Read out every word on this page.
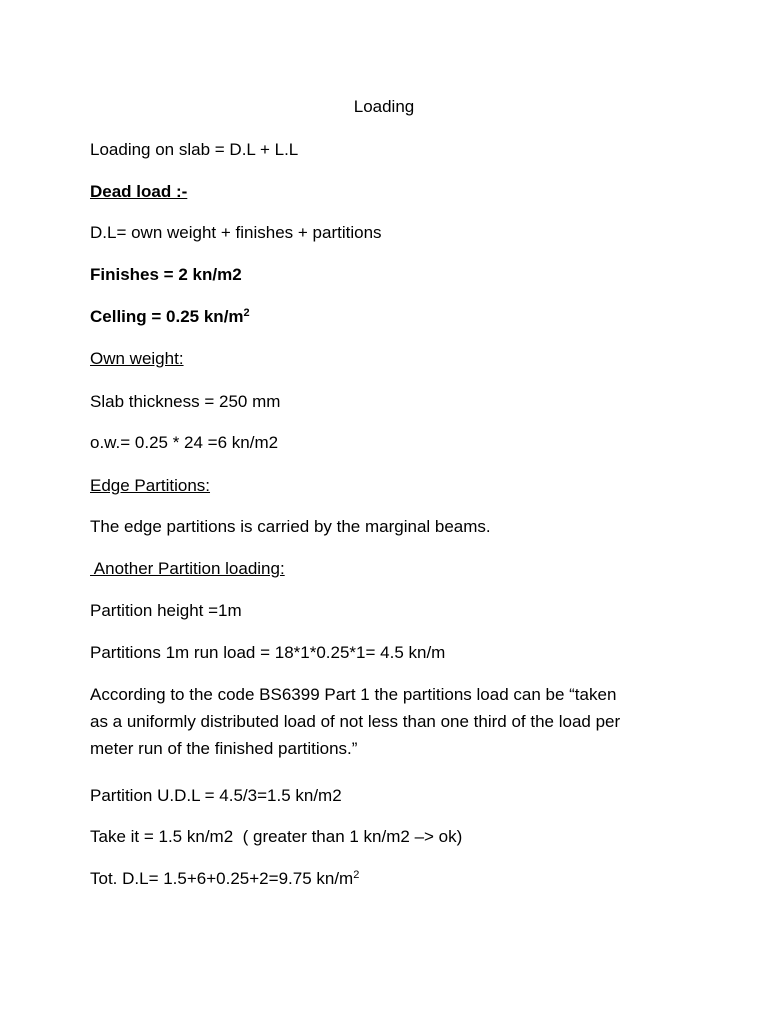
Loading
Loading on slab = D.L + L.L
Dead load :-
D.L= own weight + finishes + partitions
Finishes = 2 kn/m2
Celling = 0.25 $kn/m^2$
Own weight:
Slab thickness = 250 mm
o.w.= 0.25 * 24 =6 kn/m2
Edge Partitions:
The edge partitions is carried by the marginal beams.
Another Partition loading:
Partition height =1m
Partitions 1m run load = 18*1*0.25*1= 4.5 kn/m
According to the code BS6399 Part 1 the partitions load can be “taken
as a uniformly distributed load of not less than one third of the load per
meter run of the finished partitions.”
Partition U.D.L = 4.5/3=1.5 kn/m2
Take it = 1.5 kn/m2  ( greater than 1 kn/m2 –> ok)
Tot. D.L= 1.5+6+0.25+2=9.75 $kn/m^2$
